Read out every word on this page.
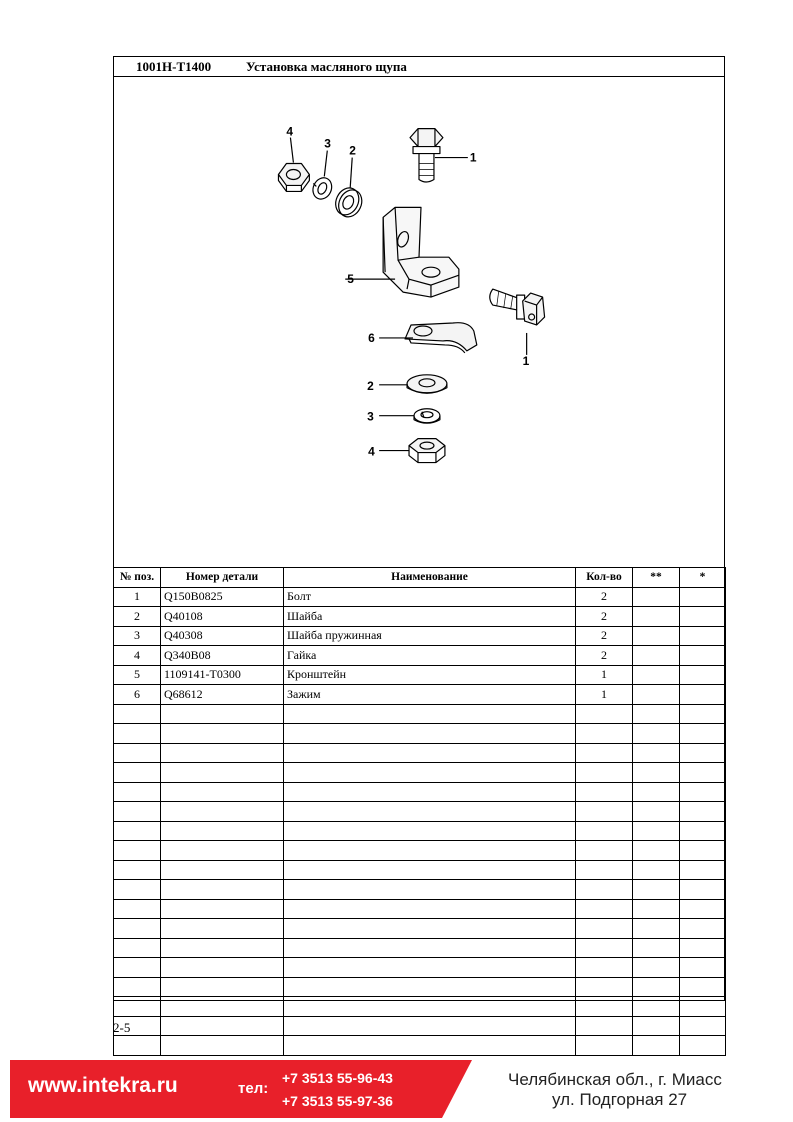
1001H-T1400	Установка масляного щупа
1
1
2
2
3
3
4
4
5
6
№ поз.	Номер детали	Наименование	Кол-во	**	*
1	Q150B0825	Болт	2		
2	Q40108	Шайба	2		
3	Q40308	Шайба пружинная	2		
4	Q340B08	Гайка	2		
5	1109141-T0300	Кронштейн	1		
6	Q68612	Зажим	1		

2-5
www.intekra.ru	тел:
+7 3513 55-96-43
+7 3513 55-97-36
Челябинская обл., г. Миасс
ул. Подгорная 27
